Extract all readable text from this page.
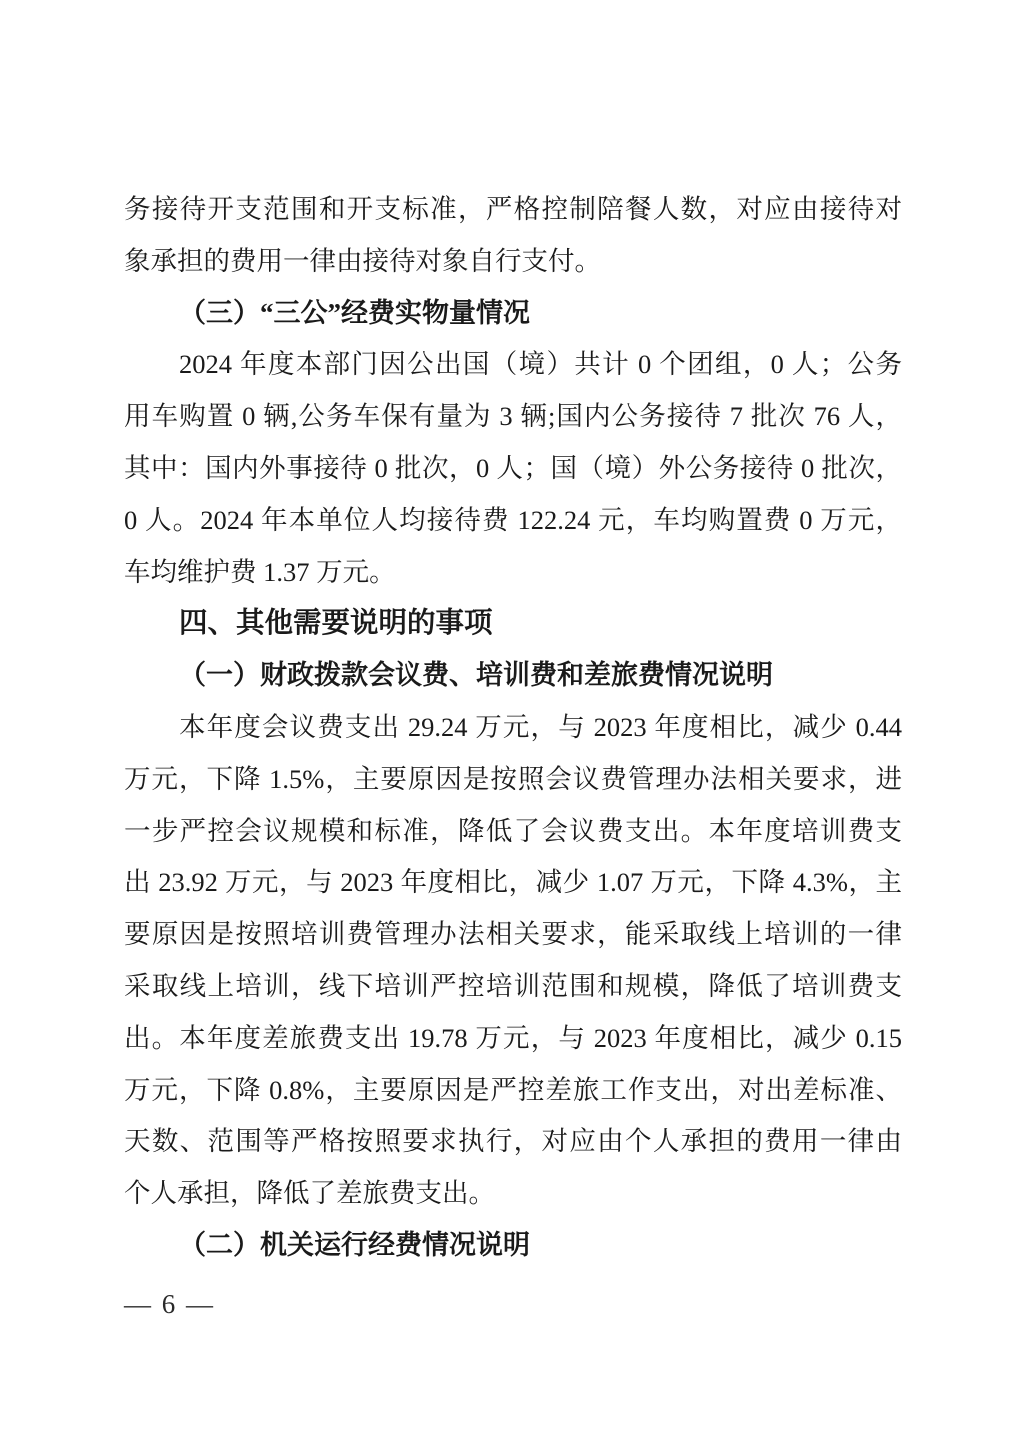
务接待开支范围和开支标准，严格控制陪餐人数，对应由接待对
象承担的费用一律由接待对象自行支付。
（三）“三公”经费实物量情况
2024 年度本部门因公出国（境）共计 0 个团组，0 人；公务
用车购置 0 辆,公务车保有量为 3 辆;国内公务接待 7 批次 76 人，
其中：国内外事接待 0 批次，0 人；国（境）外公务接待 0 批次，
0 人。2024 年本单位人均接待费 122.24 元，车均购置费 0 万元，
车均维护费 1.37 万元。
四、其他需要说明的事项
（一）财政拨款会议费、培训费和差旅费情况说明
本年度会议费支出 29.24 万元，与 2023 年度相比，减少 0.44
万元，下降 1.5%，主要原因是按照会议费管理办法相关要求，进
一步严控会议规模和标准，降低了会议费支出。本年度培训费支
出 23.92 万元，与 2023 年度相比，减少 1.07 万元，下降 4.3%，主
要原因是按照培训费管理办法相关要求，能采取线上培训的一律
采取线上培训，线下培训严控培训范围和规模，降低了培训费支
出。本年度差旅费支出 19.78 万元，与 2023 年度相比，减少 0.15
万元，下降 0.8%，主要原因是严控差旅工作支出，对出差标准、
天数、范围等严格按照要求执行，对应由个人承担的费用一律由
个人承担，降低了差旅费支出。
（二）机关运行经费情况说明
— 6 —
